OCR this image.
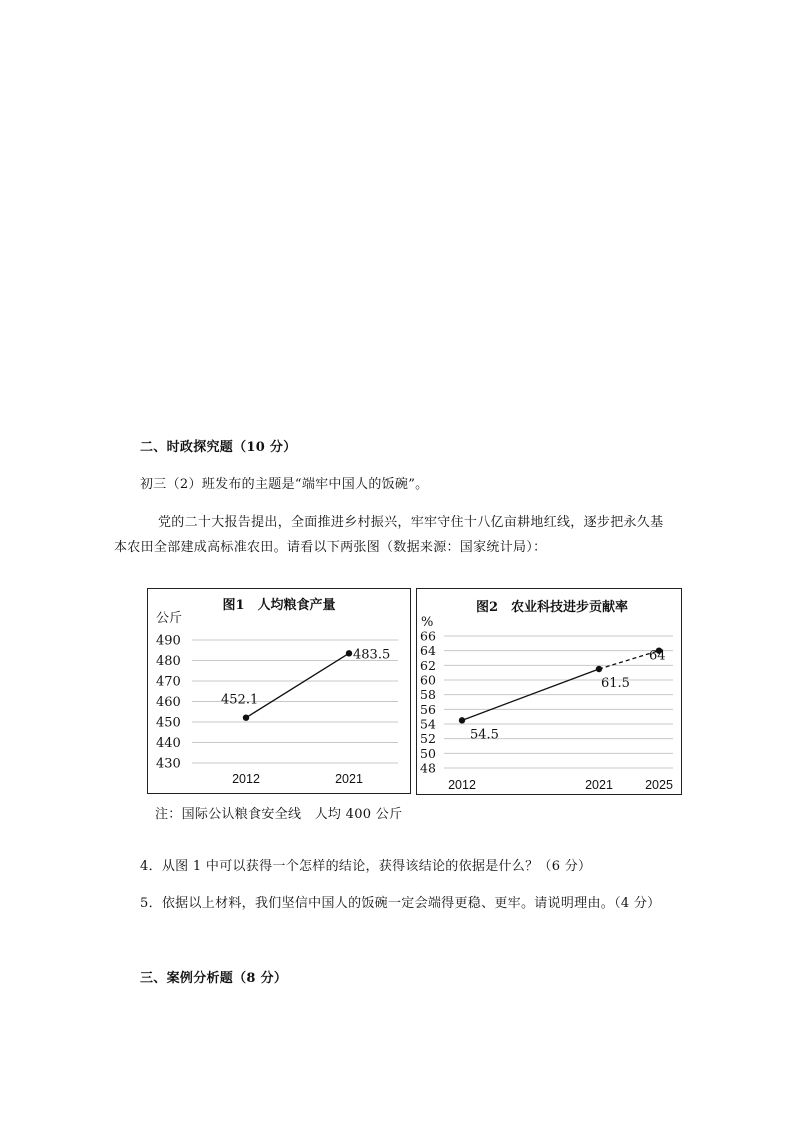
二、时政探究题（10 分）
初三（2）班发布的主题是“端牢中国人的饭碗”。
党的二十大报告提出，全面推进乡村振兴，牢牢守住十八亿亩耕地红线，逐步把永久基
本农田全部建成高标准农田。请看以下两张图（数据来源：国家统计局）：
图1　人均粮食产量
公斤
490
480
470
460
450
440
430
2012	2021
452.1
483.5
图2　农业科技进步贡献率
%
66
64
62
60
58
56
54
52
50
48
2012	2021	2025
54.5
61.5
64
注：国际公认粮食安全线　人均 400 公斤
4．从图 1 中可以获得一个怎样的结论，获得该结论的依据是什么？（6 分）
5．依据以上材料，我们坚信中国人的饭碗一定会端得更稳、更牢。请说明理由。（4 分）
三、案例分析题（8 分）
